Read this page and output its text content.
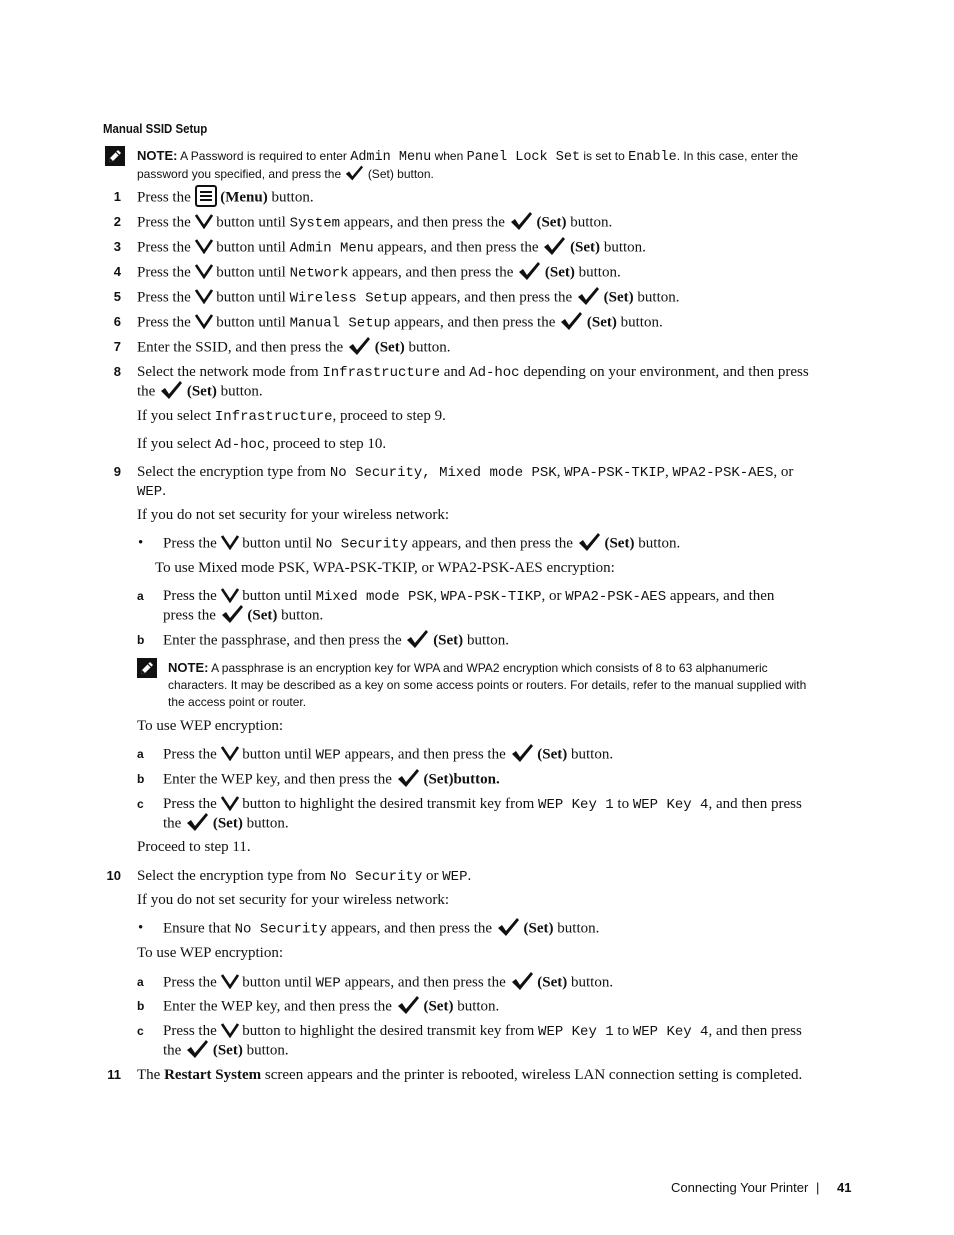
Manual SSID Setup
NOTE: A Password is required to enter Admin Menu when Panel Lock Set is set to Enable. In this case, enter the
password you specified, and press the (Set) button.
1 Press the (Menu) button.
2 Press the button until System appears, and then press the (Set) button.
3 Press the button until Admin Menu appears, and then press the (Set) button.
4 Press the button until Network appears, and then press the (Set) button.
5 Press the button until Wireless Setup appears, and then press the (Set) button.
6 Press the button until Manual Setup appears, and then press the (Set) button.
7 Enter the SSID, and then press the (Set) button.
8 Select the network mode from Infrastructure and Ad-hoc depending on your environment, and then press
the (Set) button.
If you select Infrastructure, proceed to step 9.
If you select Ad-hoc, proceed to step 10.
9 Select the encryption type from No Security, Mixed mode PSK, WPA-PSK-TKIP, WPA2-PSK-AES, or
WEP.
If you do not set security for your wireless network:
• Press the button until No Security appears, and then press the (Set) button.
To use Mixed mode PSK, WPA-PSK-TKIP, or WPA2-PSK-AES encryption:
a Press the button until Mixed mode PSK, WPA-PSK-TIKP, or WPA2-PSK-AES appears, and then
press the (Set) button.
b Enter the passphrase, and then press the (Set) button.
NOTE: A passphrase is an encryption key for WPA and WPA2 encryption which consists of 8 to 63 alphanumeric
characters. It may be described as a key on some access points or routers. For details, refer to the manual supplied with
the access point or router.
To use WEP encryption:
a Press the button until WEP appears, and then press the (Set) button.
b Enter the WEP key, and then press the (Set)button.
c Press the button to highlight the desired transmit key from WEP Key 1 to WEP Key 4, and then press
the (Set) button.
Proceed to step 11.
10 Select the encryption type from No Security or WEP.
If you do not set security for your wireless network:
• Ensure that No Security appears, and then press the (Set) button.
To use WEP encryption:
a Press the button until WEP appears, and then press the (Set) button.
b Enter the WEP key, and then press the (Set) button.
c Press the button to highlight the desired transmit key from WEP Key 1 to WEP Key 4, and then press
the (Set) button.
11 The Restart System screen appears and the printer is rebooted, wireless LAN connection setting is completed.
Connecting Your Printer | 41
